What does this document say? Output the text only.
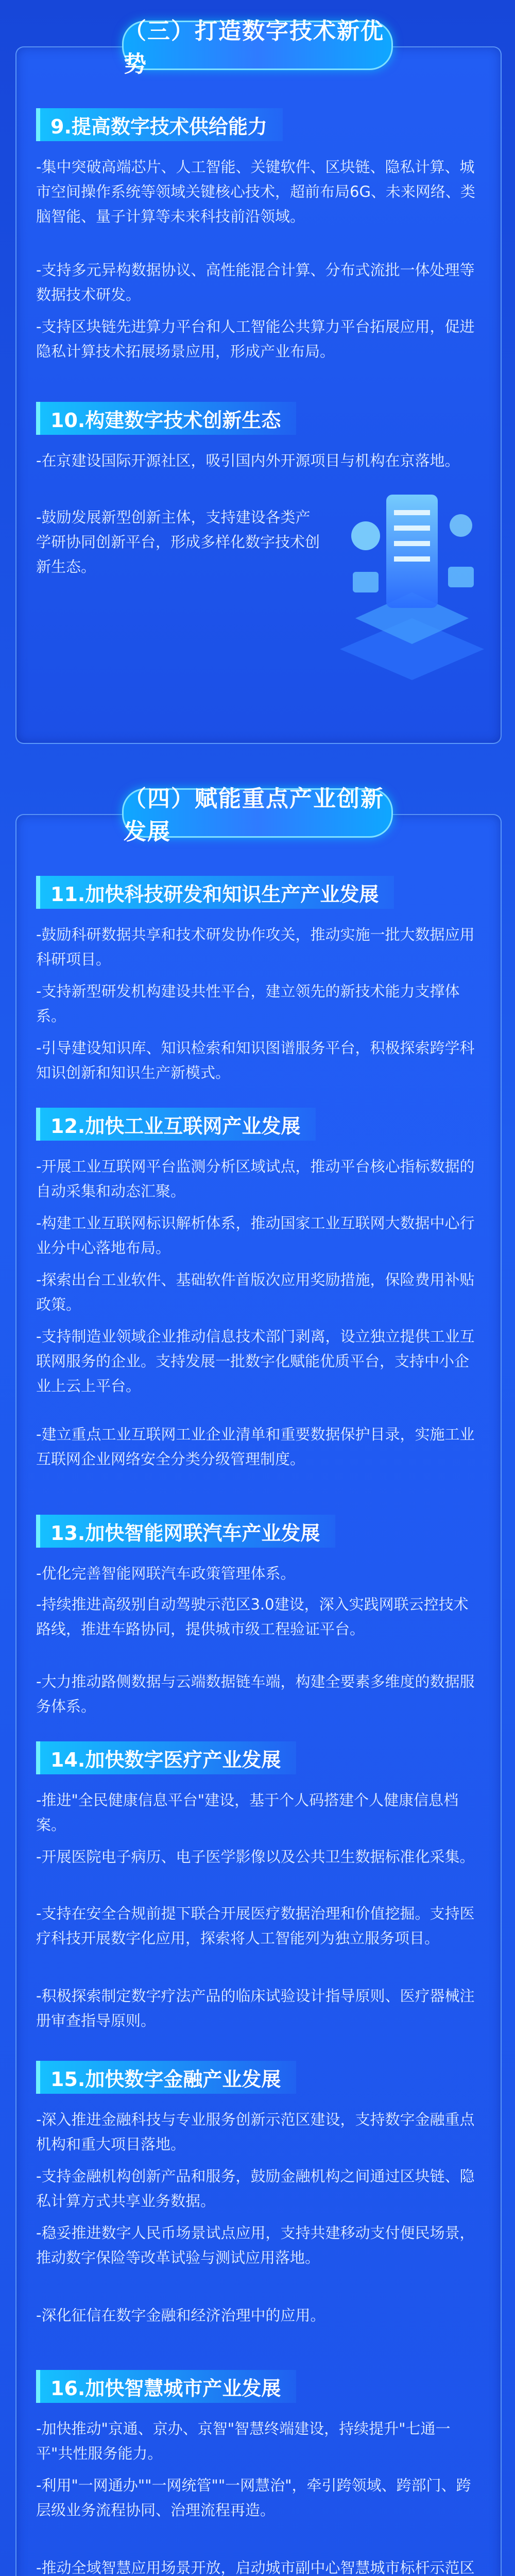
（三）打造数字技术新优势
9.提高数字技术供给能力

-集中突破高端芯片、人工智能、关键软件、区块链、隐私计算、城市空间操作系统等领域关键核心技术，超前布局6G、未来网络、类脑智能、量子计算等未来科技前沿领域。

-支持多元异构数据协议、高性能混合计算、分布式流批一体处理等数据技术研发。

-支持区块链先进算力平台和人工智能公共算力平台拓展应用，促进隐私计算技术拓展场景应用，形成产业布局。

10.构建数字技术创新生态

-在京建设国际开源社区，吸引国内外开源项目与机构在京落地。

-鼓励发展新型创新主体，支持建设各类产学研协同创新平台，形成多样化数字技术创新生态。

（四）赋能重点产业创新发展
11.加快科技研发和知识生产产业发展

-鼓励科研数据共享和技术研发协作攻关，推动实施一批大数据应用科研项目。

-支持新型研发机构建设共性平台，建立领先的新技术能力支撑体系。

-引导建设知识库、知识检索和知识图谱服务平台，积极探索跨学科知识创新和知识生产新模式。

12.加快工业互联网产业发展

-开展工业互联网平台监测分析区域试点，推动平台核心指标数据的自动采集和动态汇聚。

-构建工业互联网标识解析体系，推动国家工业互联网大数据中心行业分中心落地布局。

-探索出台工业软件、基础软件首版次应用奖励措施，保险费用补贴政策。

-支持制造业领域企业推动信息技术部门剥离，设立独立提供工业互联网服务的企业。支持发展一批数字化赋能优质平台，支持中小企业上云上平台。

-建立重点工业互联网工业企业清单和重要数据保护目录，实施工业互联网企业网络安全分类分级管理制度。

13.加快智能网联汽车产业发展

-优化完善智能网联汽车政策管理体系。

-持续推进高级别自动驾驶示范区3.0建设，深入实践网联云控技术路线，推进车路协同，提供城市级工程验证平台。

-大力推动路侧数据与云端数据链车端，构建全要素多维度的数据服务体系。

14.加快数字医疗产业发展

-推进"全民健康信息平台"建设，基于个人码搭建个人健康信息档案。

-开展医院电子病历、电子医学影像以及公共卫生数据标准化采集。

-支持在安全合规前提下联合开展医疗数据治理和价值挖掘。支持医疗科技开展数字化应用，探索将人工智能列为独立服务项目。

-积极探索制定数字疗法产品的临床试验设计指导原则、医疗器械注册审查指导原则。

15.加快数字金融产业发展

-深入推进金融科技与专业服务创新示范区建设，支持数字金融重点机构和重大项目落地。

-支持金融机构创新产品和服务，鼓励金融机构之间通过区块链、隐私计算方式共享业务数据。

-稳妥推进数字人民币场景试点应用，支持共建移动支付便民场景，推动数字保险等改革试验与测试应用落地。

-深化征信在数字金融和经济治理中的应用。

16.加快智慧城市产业发展

-加快推动"京通、京办、京智"智慧终端建设，持续提升"七通一平"共性服务能力。

-利用"一网通办""一网统管""一网慧治"，牵引跨领域、跨部门、跨层级业务流程协同、治理流程再造。

-推动全域智慧应用场景开放，启动城市副中心智慧城市标杆示范区
